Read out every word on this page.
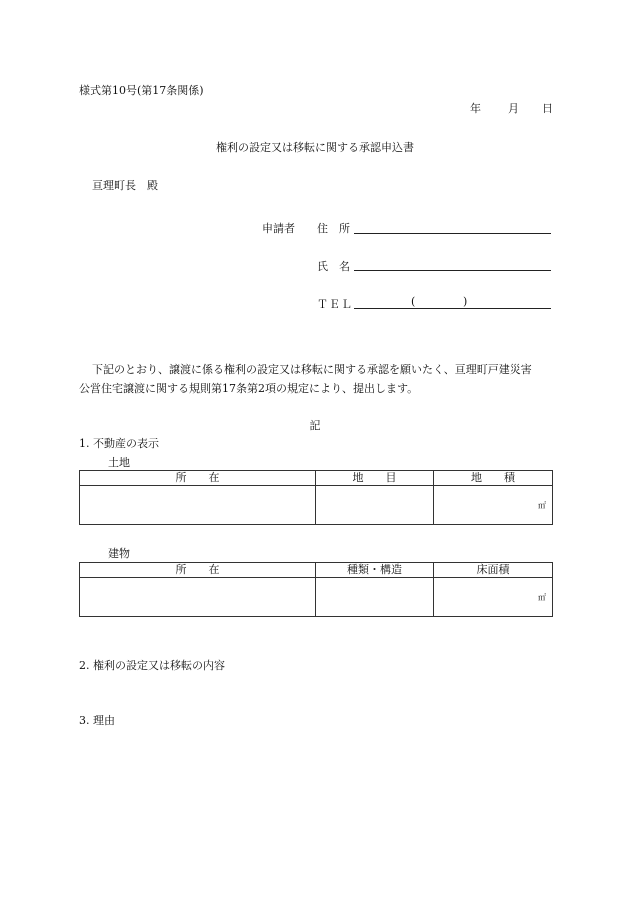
様式第10号(第17条関係)
年 月 日
権利の設定又は移転に関する承認申込書
亘理町長　殿
申請者 住　所
氏　名
ＴＥＬ	(	)
下記のとおり、譲渡に係る権利の設定又は移転に関する承認を願いたく、亘理町戸建災害
公営住宅譲渡に関する規則第17条第2項の規定により、提出します。
記
1. 不動産の表示
土地
所　　在	地　　目	地　　積
		㎡
建物
所　　在	種類・構造	床面積
		㎡
2. 権利の設定又は移転の内容
3. 理由
